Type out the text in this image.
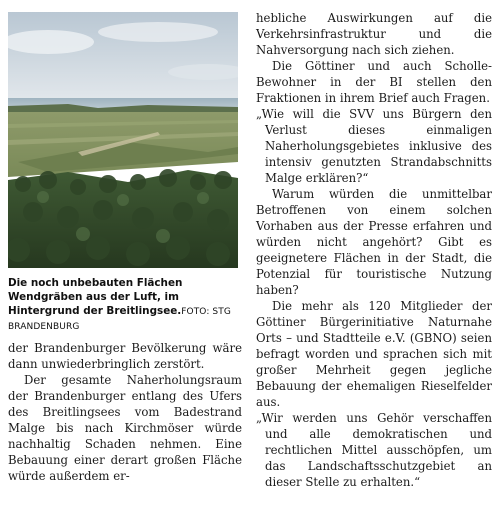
Die noch unbebauten Flächen Wendgräben aus der Luft, im Hintergrund der Breitlingsee.FOTO: STG BRANDENBURG

der Brandenburger Bevölkerung wäre dann unwiederbringlich zerstört.

Der gesamte Naherholungsraum der Brandenburger entlang des Ufers des Breitlingsees vom Badestrand Malge bis nach Kirchmöser würde nachhaltig Schaden nehmen. Eine Bebauung einer derart großen Fläche würde außerdem er-

hebliche Auswirkungen auf die Verkehrsinfrastruktur und die Nahversorgung nach sich ziehen.

Die Göttiner und auch Scholle-Bewohner in der BI stellen den Fraktionen in ihrem Brief auch Fragen.

„Wie will die SVV uns Bürgern den Verlust dieses einmaligen Naherholungsgebietes inklusive des intensiv genutzten Strandabschnitts Malge erklären?“

Warum würden die unmittelbar Betroffenen von einem solchen Vorhaben aus der Presse erfahren und würden nicht angehört? Gibt es geeignetere Flächen in der Stadt, die Potenzial für touristische Nutzung haben?

Die mehr als 120 Mitglieder der Göttiner Bürgerinitiative Naturnahe Orts – und Stadtteile e.V. (GBNO) seien befragt worden und sprachen sich mit großer Mehrheit gegen jegliche Bebauung der ehemaligen Rieselfelder aus.

„Wir werden uns Gehör verschaffen und alle demokratischen und rechtlichen Mittel ausschöpfen, um das Landschaftsschutzgebiet an dieser Stelle zu erhalten.“
